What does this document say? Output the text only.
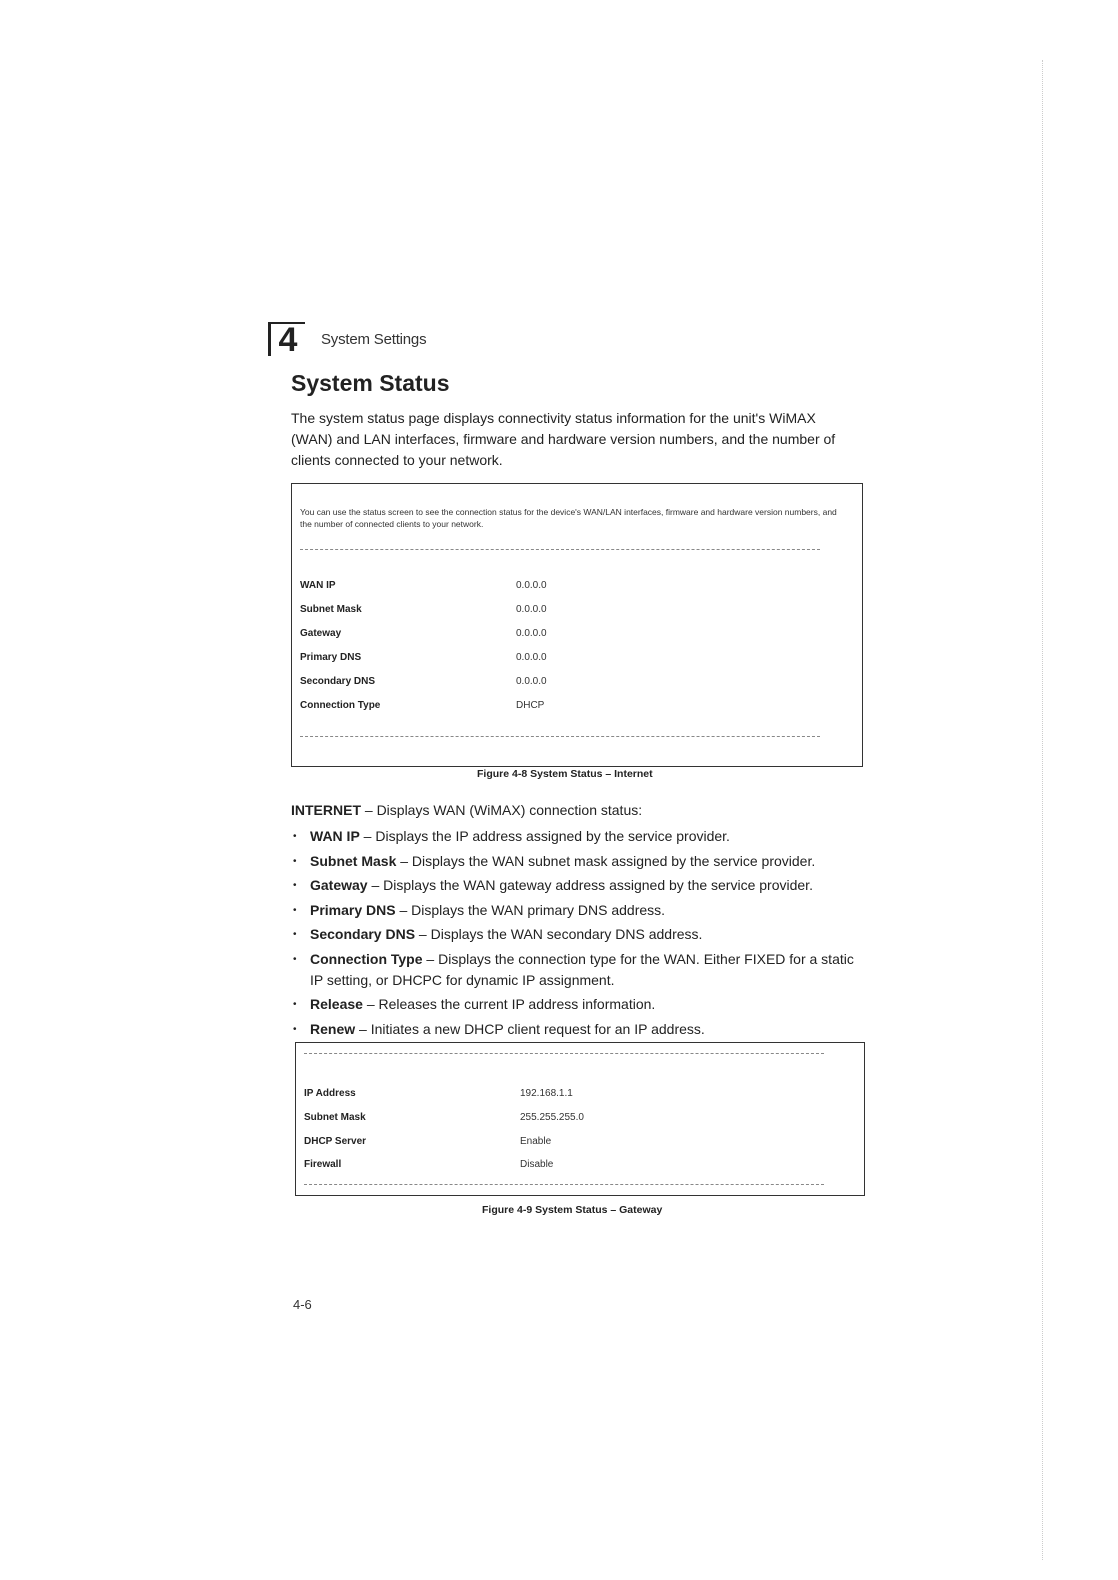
4	System Settings
System Status
The system status page displays connectivity status information for the unit's WiMAX (WAN) and LAN interfaces, firmware and hardware version numbers, and the number of clients connected to your network.
You can use the status screen to see the connection status for the device's WAN/LAN interfaces, firmware and hardware version numbers, and the number of connected clients to your network.
WAN IP	0.0.0.0
Subnet Mask	0.0.0.0
Gateway	0.0.0.0
Primary DNS	0.0.0.0
Secondary DNS	0.0.0.0
Connection Type	DHCP
Figure 4-8 System Status – Internet
INTERNET – Displays WAN (WiMAX) connection status:
• WAN IP – Displays the IP address assigned by the service provider.
• Subnet Mask – Displays the WAN subnet mask assigned by the service provider.
• Gateway – Displays the WAN gateway address assigned by the service provider.
• Primary DNS – Displays the WAN primary DNS address.
• Secondary DNS – Displays the WAN secondary DNS address.
• Connection Type – Displays the connection type for the WAN. Either FIXED for a static IP setting, or DHCPC for dynamic IP assignment.
• Release – Releases the current IP address information.
• Renew – Initiates a new DHCP client request for an IP address.
IP Address	192.168.1.1
Subnet Mask	255.255.255.0
DHCP Server	Enable
Firewall	Disable
Figure 4-9 System Status – Gateway
4-6
